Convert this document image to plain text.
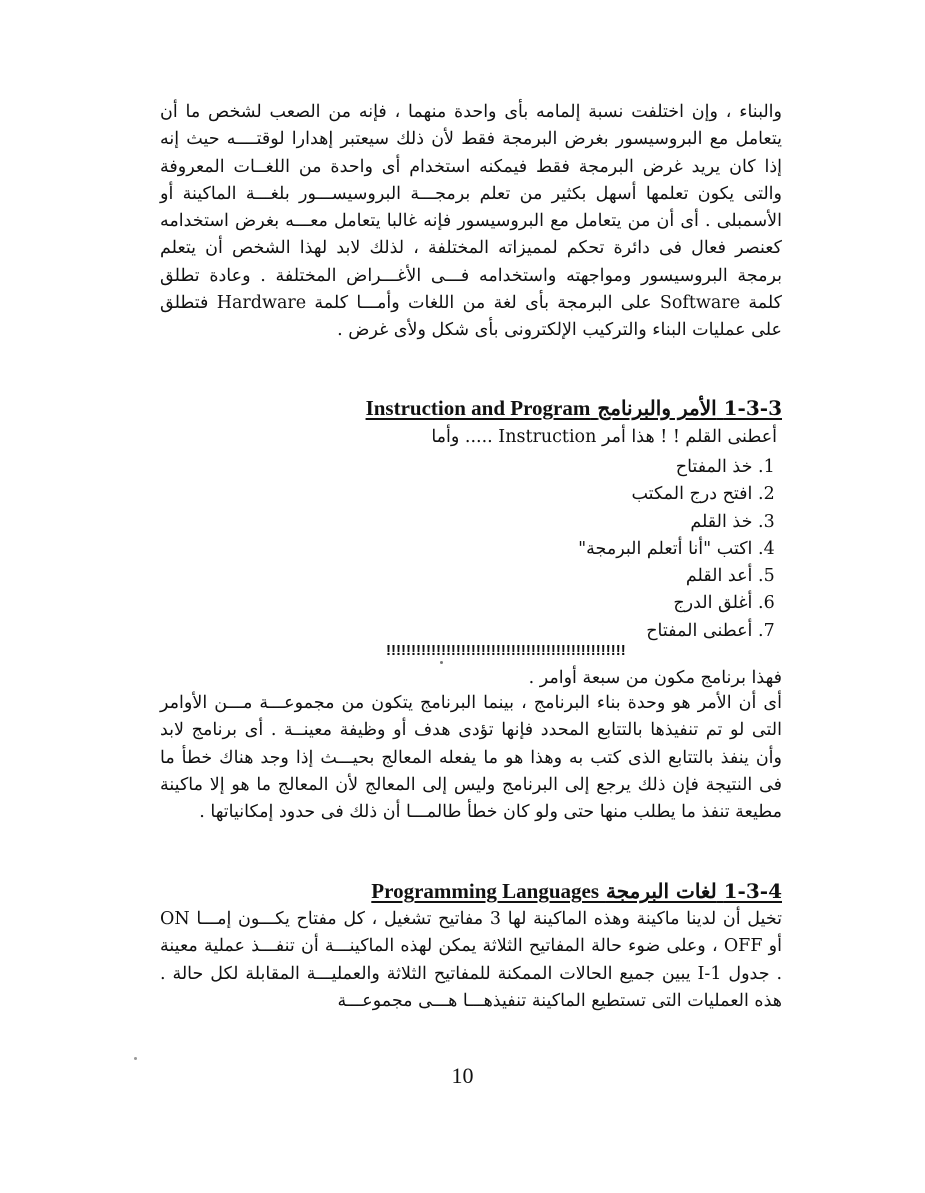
والبناء ، وإن اختلفت نسبة إلمامه بأى واحدة منهما ، فإنه من الصعب لشخص ما أن يتعامل مع البروسيسور بغرض البرمجة فقط لأن ذلك سيعتبر إهدارا لوقتــــه حيث إنه إذا كان يريد غرض البرمجة فقط فيمكنه استخدام أى واحدة من اللغــات المعروفة والتى يكون تعلمها أسهل بكثير من تعلم برمجـــة البروسيســـور بلغـــة الماكينة أو الأسمبلى . أى أن من يتعامل مع البروسيسور فإنه غالبا يتعامل معـــه بغرض استخدامه كعنصر فعال فى دائرة تحكم لمميزاته المختلفة ، لذلك لابد لهذا الشخص أن يتعلم برمجة البروسيسور ومواجهته واستخدامه فـــى الأغـــراض المختلفة . وعادة تطلق كلمة Software على البرمجة بأى لغة من اللغات وأمـــا كلمة Hardware فتطلق على عمليات البناء والتركيب الإلكترونى بأى شكل ولأى غرض .

1-3-3 الأمر والبرنامج Instruction and Program
أعطنى القلم ! ! هذا أمر Instruction ..... وأما
1. خذ المفتاح
2. افتح درج المكتب
3. خذ القلم
4. اكتب "أنا أتعلم البرمجة"
5. أعد القلم
6. أغلق الدرج
7. أعطنى المفتاح
!!!!!!!!!!!!!!!!!!!!!!!!!!!!!!!!!!!!!!!!!!!!!!!!
فهذا برنامج مكون من سبعة أوامر .

أى أن الأمر هو وحدة بناء البرنامج ، بينما البرنامج يتكون من مجموعـــة مـــن الأوامر التى لو تم تنفيذها بالتتابع المحدد فإنها تؤدى هدف أو وظيفة معينــة . أى برنامج لابد وأن ينفذ بالتتابع الذى كتب به وهذا هو ما يفعله المعالج بحيـــث إذا وجد هناك خطأ ما فى النتيجة فإن ذلك يرجع إلى البرنامج وليس إلى المعالج لأن المعالج ما هو إلا ماكينة مطيعة تنفذ ما يطلب منها حتى ولو كان خطأ طالمـــا أن ذلك فى حدود إمكانياتها .

1-3-4 لغات البرمجة Programming Languages

تخيل أن لدينا ماكينة وهذه الماكينة لها 3 مفاتيح تشغيل ، كل مفتاح يكـــون إمـــا ON أو OFF ، وعلى ضوء حالة المفاتيح الثلاثة يمكن لهذه الماكينـــة أن تنفـــذ عملية معينة . جدول I-1 يبين جميع الحالات الممكنة للمفاتيح الثلاثة والعمليـــة المقابلة لكل حالة . هذه العمليات التى تستطيع الماكينة تنفيذهـــا هـــى مجموعـــة

10
